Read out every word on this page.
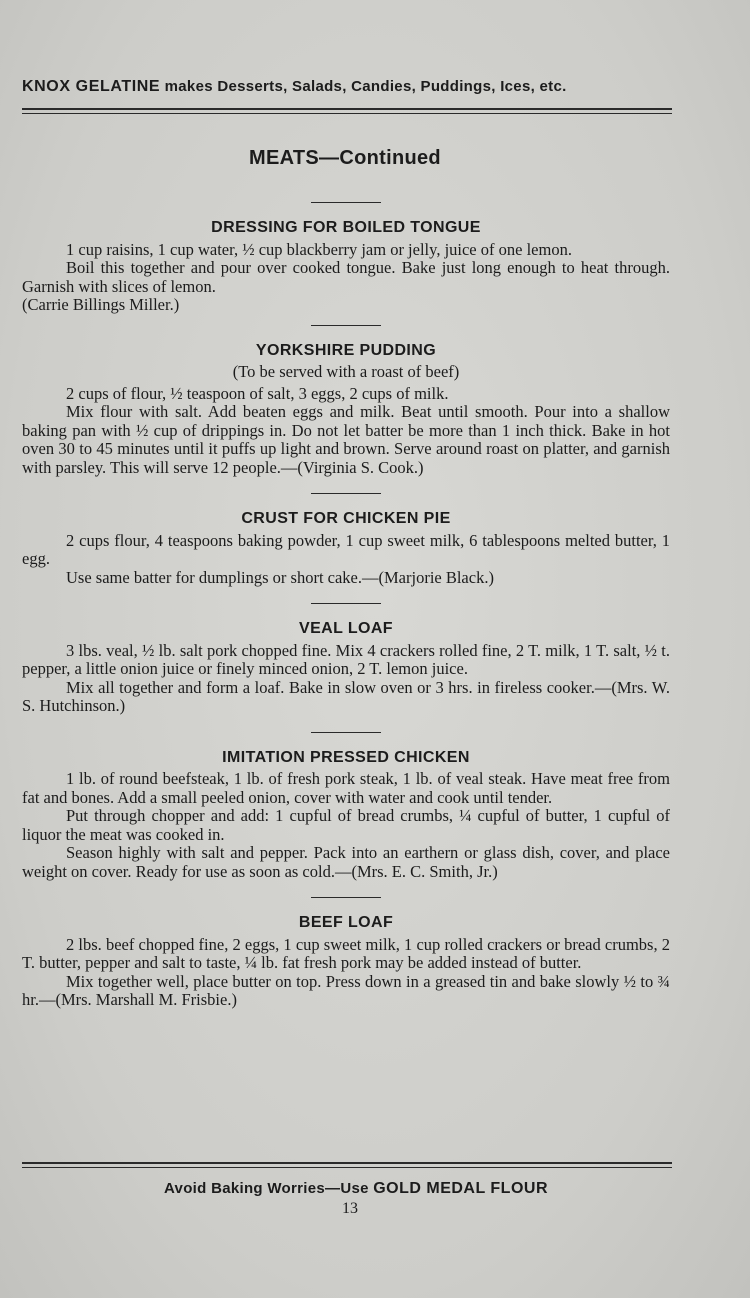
KNOX GELATINE makes Desserts, Salads, Candies, Puddings, Ices, etc.
MEATS—Continued
DRESSING FOR BOILED TONGUE

1 cup raisins, 1 cup water, ½ cup blackberry jam or jelly, juice of one lemon.

Boil this together and pour over cooked tongue. Bake just long enough to heat through. Garnish with slices of lemon.

(Carrie Billings Miller.)

YORKSHIRE PUDDING
(To be served with a roast of beef)

2 cups of flour, ½ teaspoon of salt, 3 eggs, 2 cups of milk.

Mix flour with salt. Add beaten eggs and milk. Beat until smooth. Pour into a shallow baking pan with ½ cup of drippings in. Do not let batter be more than 1 inch thick. Bake in hot oven 30 to 45 minutes until it puffs up light and brown. Serve around roast on platter, and garnish with parsley. This will serve 12 people.—(Virginia S. Cook.)

CRUST FOR CHICKEN PIE

2 cups flour, 4 teaspoons baking powder, 1 cup sweet milk, 6 tablespoons melted butter, 1 egg.

Use same batter for dumplings or short cake.—(Marjorie Black.)

VEAL LOAF

3 lbs. veal, ½ lb. salt pork chopped fine. Mix 4 crackers rolled fine, 2 T. milk, 1 T. salt, ½ t. pepper, a little onion juice or finely minced onion, 2 T. lemon juice.

Mix all together and form a loaf. Bake in slow oven or 3 hrs. in fireless cooker.—(Mrs. W. S. Hutchinson.)

IMITATION PRESSED CHICKEN

1 lb. of round beefsteak, 1 lb. of fresh pork steak, 1 lb. of veal steak. Have meat free from fat and bones. Add a small peeled onion, cover with water and cook until tender.

Put through chopper and add: 1 cupful of bread crumbs, ¼ cupful of butter, 1 cupful of liquor the meat was cooked in.

Season highly with salt and pepper. Pack into an earthern or glass dish, cover, and place weight on cover. Ready for use as soon as cold.—(Mrs. E. C. Smith, Jr.)

BEEF LOAF

2 lbs. beef chopped fine, 2 eggs, 1 cup sweet milk, 1 cup rolled crackers or bread crumbs, 2 T. butter, pepper and salt to taste, ¼ lb. fat fresh pork may be added instead of butter.

Mix together well, place butter on top. Press down in a greased tin and bake slowly ½ to ¾ hr.—(Mrs. Marshall M. Frisbie.)

Avoid Baking Worries—Use GOLD MEDAL FLOUR
13
